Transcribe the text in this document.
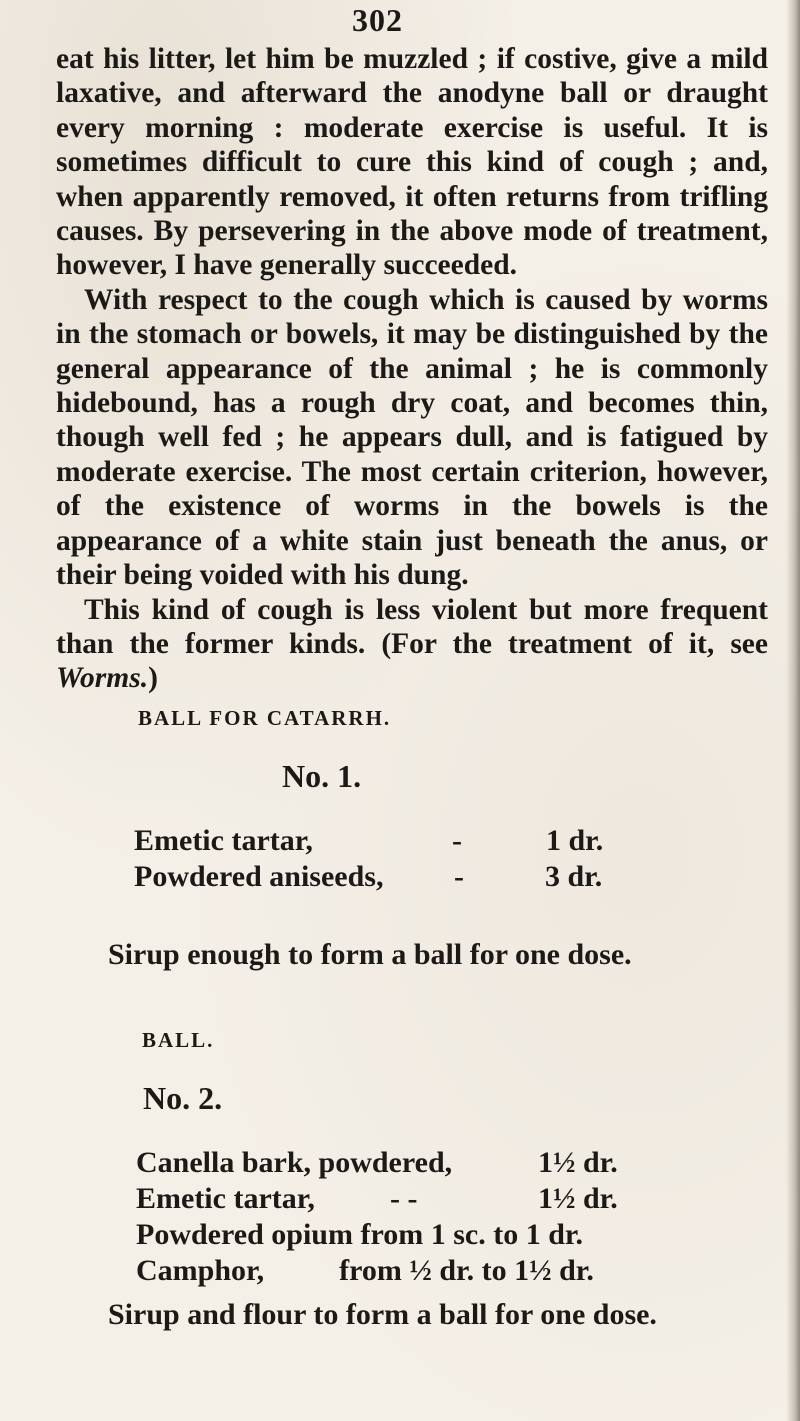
302

eat his litter, let him be muzzled ; if costive, give a mild laxative, and afterward the anodyne ball or draught every morning : moderate exercise is useful. It is sometimes difficult to cure this kind of cough ; and, when apparently removed, it often returns from trifling causes. By persevering in the above mode of treatment, however, I have generally succeeded.

With respect to the cough which is caused by worms in the stomach or bowels, it may be distinguished by the general appearance of the animal ; he is commonly hidebound, has a rough dry coat, and becomes thin, though well fed ; he appears dull, and is fatigued by moderate exercise. The most certain criterion, however, of the existence of worms in the bowels is the appearance of a white stain just beneath the anus, or their being voided with his dung.

This kind of cough is less violent but more frequent than the former kinds. (For the treatment of it, see Worms.)

BALL FOR CATARRH.
No. 1.
Emetic tartar,	-	1 dr.
Powdered aniseeds, -	3 dr.
Sirup enough to form a ball for one dose.
BALL.
No. 2.
Canella bark, powdered,	1½ dr.
Emetic tartar,	- -	1½ dr.
Powdered opium from 1 sc. to 1 dr.
Camphor,          from ½ dr. to 1½ dr.
Sirup and flour to form a ball for one dose.
